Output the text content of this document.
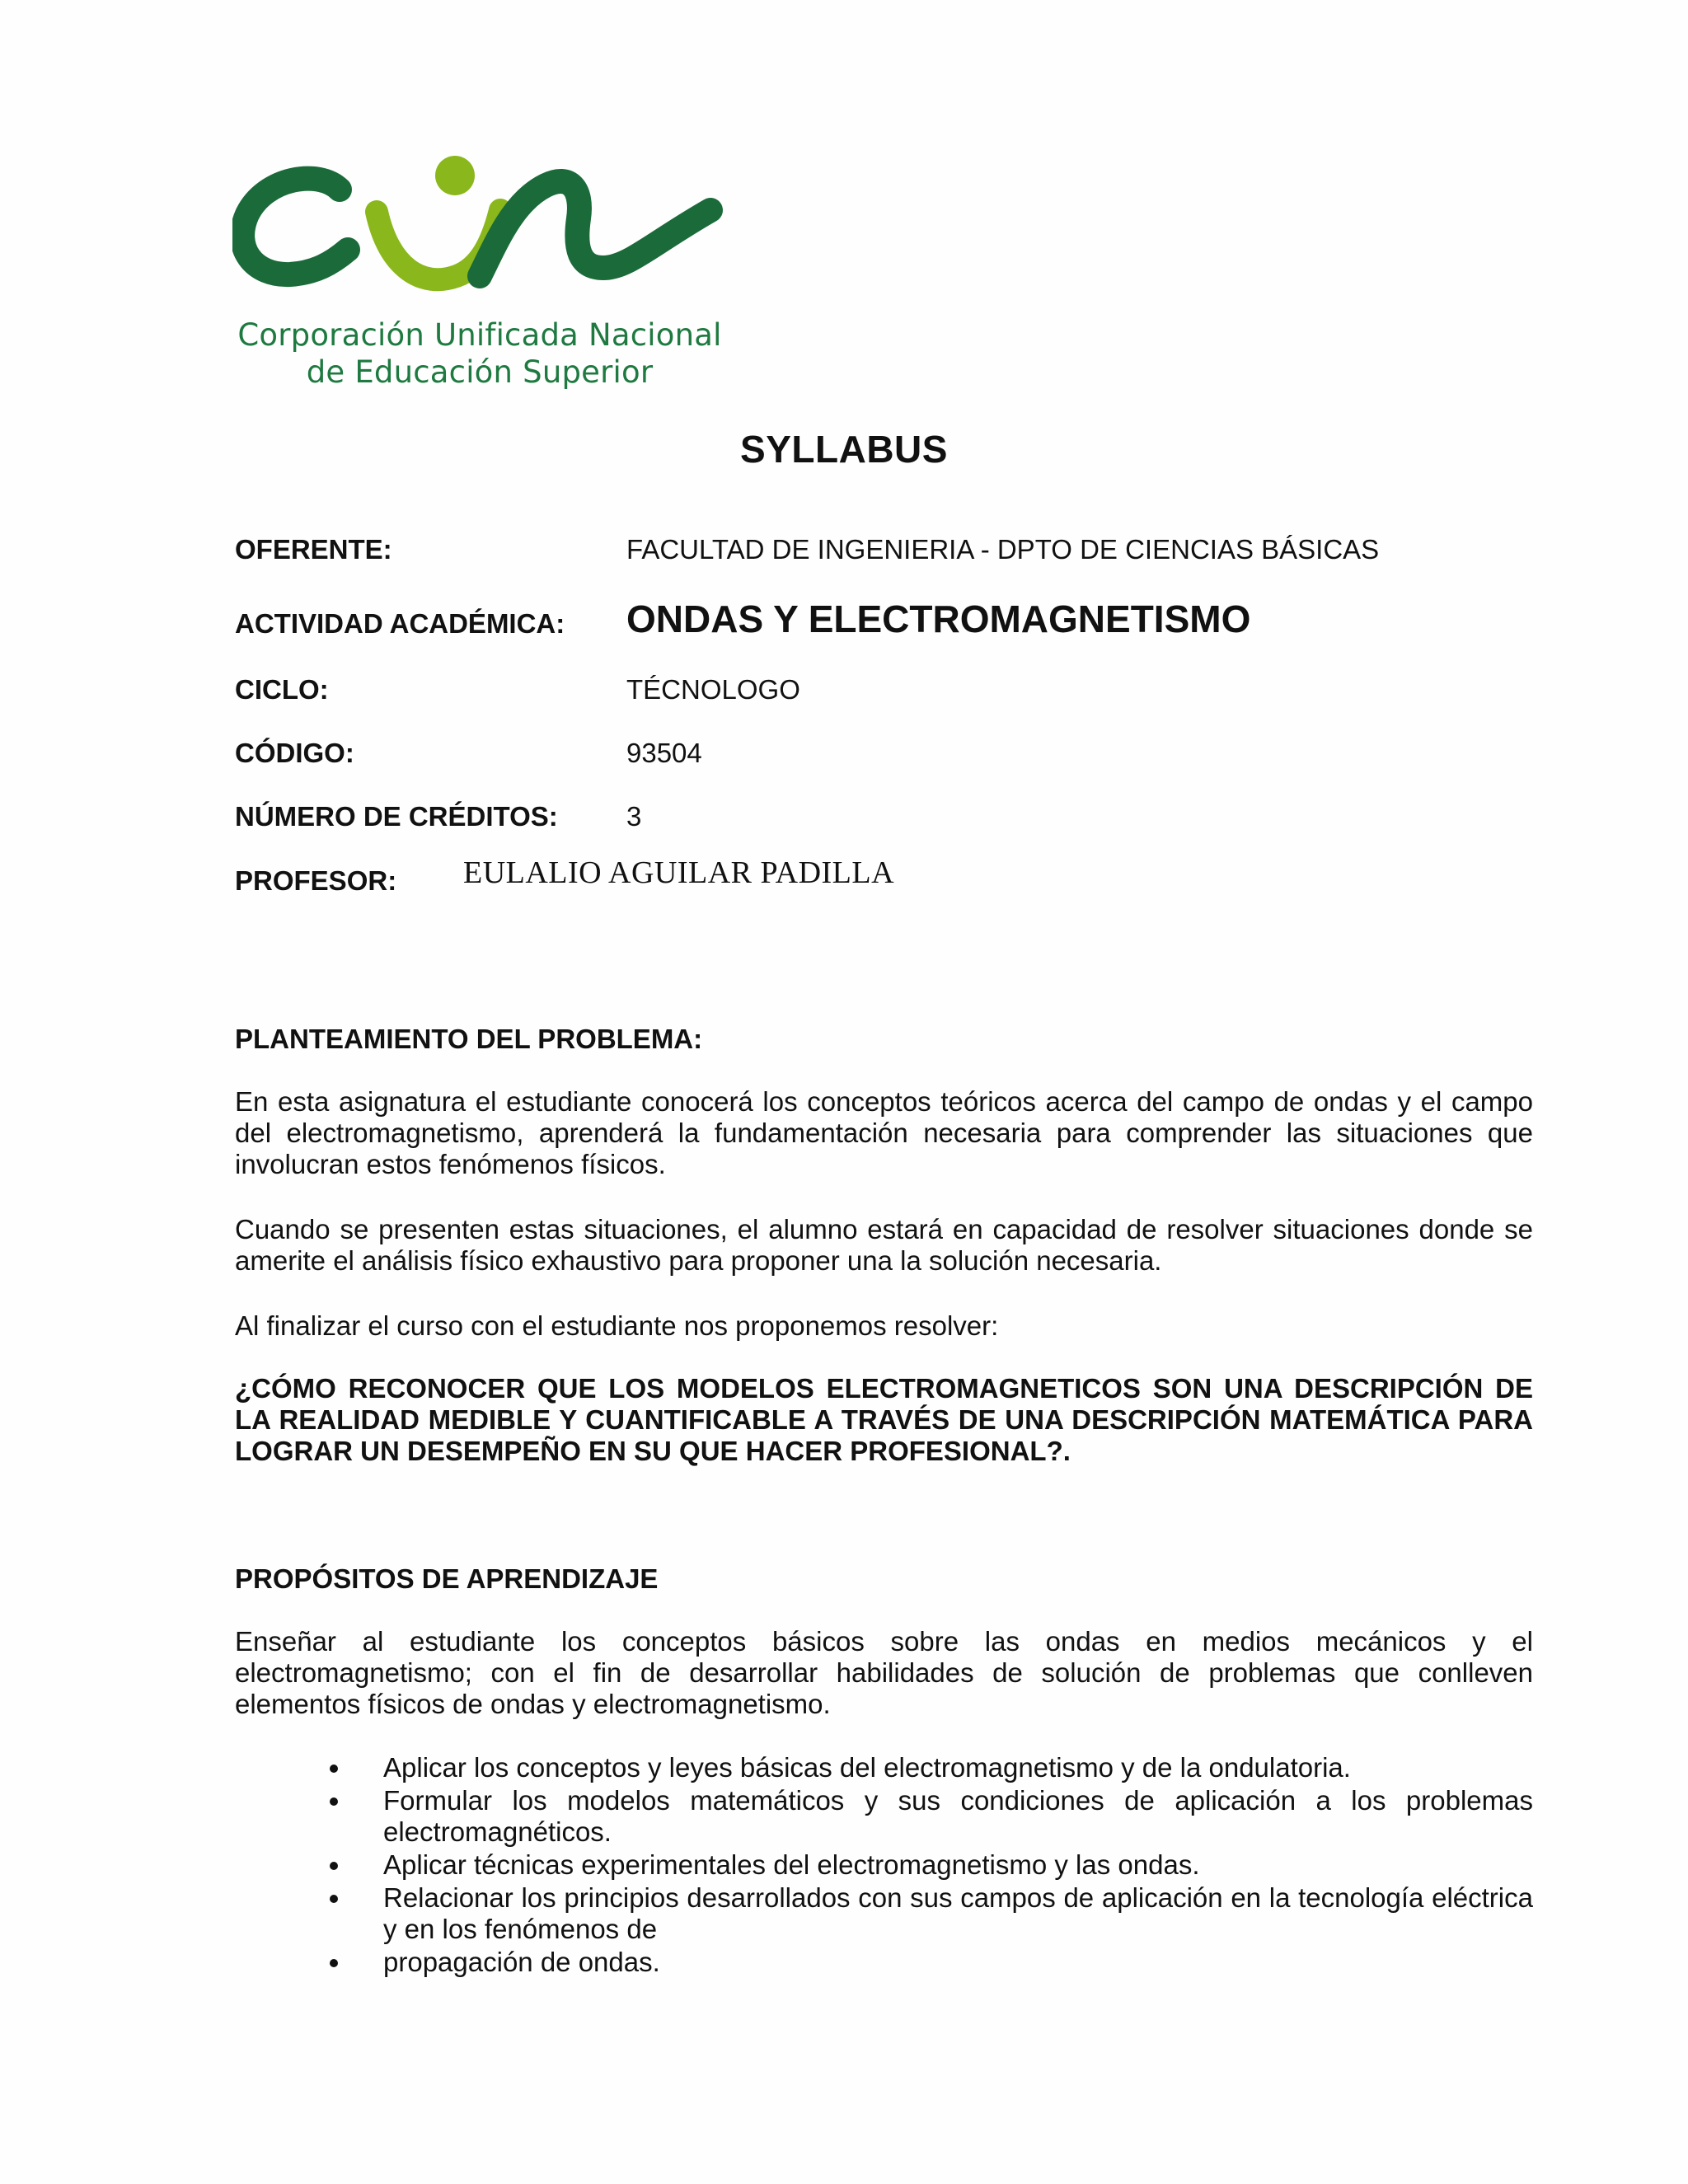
Corporación Unificada Nacional
de Educación Superior
SYLLABUS
OFERENTE:	FACULTAD DE INGENIERIA - DPTO DE CIENCIAS BÁSICAS
ACTIVIDAD ACADÉMICA: ONDAS Y ELECTROMAGNETISMO
CICLO:	TÉCNOLOGO
CÓDIGO:	93504
NÚMERO DE CRÉDITOS:	3
PROFESOR: EULALIO AGUILAR PADILLA
PLANTEAMIENTO DEL PROBLEMA:

En esta asignatura el estudiante conocerá los conceptos teóricos acerca del campo de ondas y el campo del electromagnetismo, aprenderá la fundamentación necesaria para comprender las situaciones que involucran estos fenómenos físicos.

Cuando se presenten estas situaciones, el alumno estará en capacidad de resolver situaciones donde se amerite el análisis físico exhaustivo para proponer una la solución necesaria.

Al finalizar el curso con el estudiante nos proponemos resolver:

¿CÓMO RECONOCER QUE LOS MODELOS ELECTROMAGNETICOS SON UNA DESCRIPCIÓN DE LA REALIDAD MEDIBLE Y CUANTIFICABLE A TRAVÉS DE UNA DESCRIPCIÓN MATEMÁTICA PARA LOGRAR UN DESEMPEÑO EN SU QUE HACER PROFESIONAL?.

PROPÓSITOS DE APRENDIZAJE

Enseñar al estudiante los conceptos básicos sobre las ondas en medios mecánicos y el electromagnetismo; con el fin de desarrollar habilidades de solución de problemas que conlleven elementos físicos de ondas y electromagnetismo.

Aplicar los conceptos y leyes básicas del electromagnetismo y de la ondulatoria.
Formular los modelos matemáticos y sus condiciones de aplicación a los problemas electromagnéticos.
Aplicar técnicas experimentales del electromagnetismo y las ondas.
Relacionar los principios desarrollados con sus campos de aplicación en la tecnología eléctrica y en los fenómenos de
propagación de ondas.
